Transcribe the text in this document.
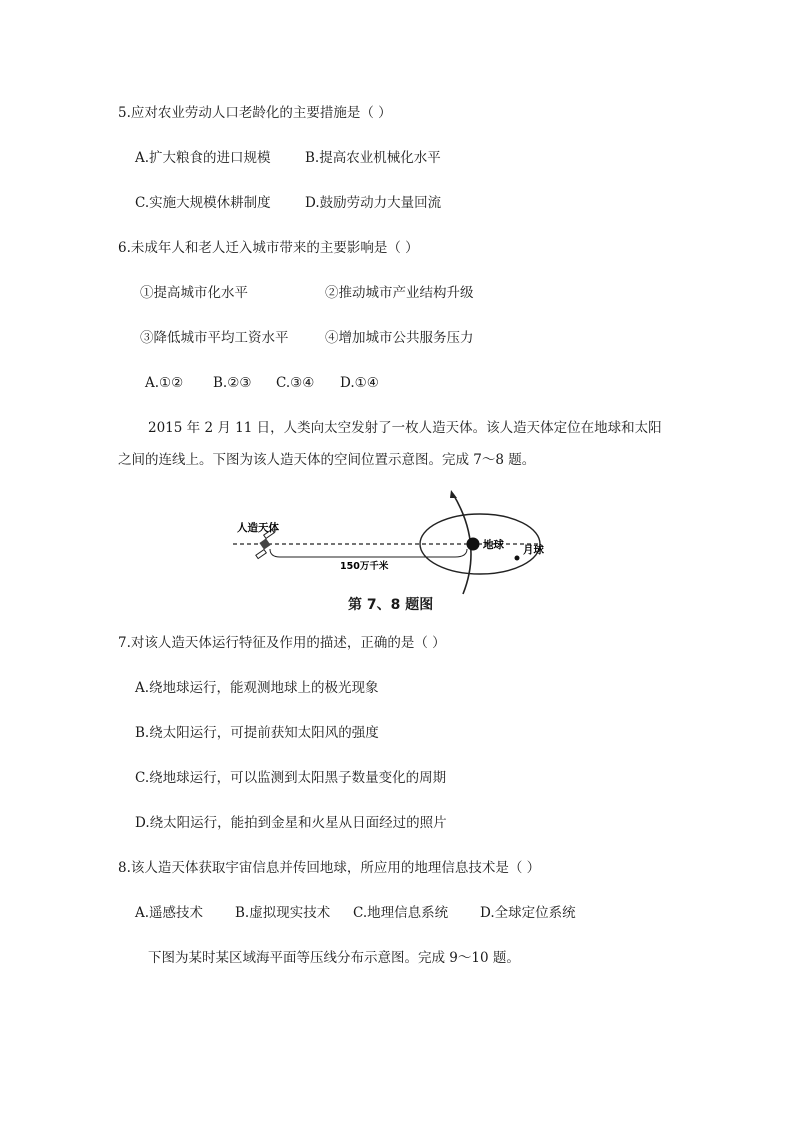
5.应对农业劳动人口老龄化的主要措施是（ ）
A.扩大粮食的进口规模	B.提高农业机械化水平
C.实施大规模休耕制度	D.鼓励劳动力大量回流
6.未成年人和老人迁入城市带来的主要影响是（ ）
①提高城市化水平	②推动城市产业结构升级
③降低城市平均工资水平	④增加城市公共服务压力
A.①② B.②③ C.③④ D.①④
2015 年 2 月 11 日，人类向太空发射了一枚人造天体。该人造天体定位在地球和太阳
之间的连线上。下图为该人造天体的空间位置示意图。完成 7～8 题。
人造天体
地球 月球
150万千米
第 7、8 题图
7.对该人造天体运行特征及作用的描述，正确的是（ ）
A.绕地球运行，能观测地球上的极光现象
B.绕太阳运行，可提前获知太阳风的强度
C.绕地球运行，可以监测到太阳黑子数量变化的周期
D.绕太阳运行，能拍到金星和火星从日面经过的照片
8.该人造天体获取宇宙信息并传回地球，所应用的地理信息技术是（ ）
A.遥感技术 B.虚拟现实技术 C.地理信息系统 D.全球定位系统
下图为某时某区域海平面等压线分布示意图。完成 9～10 题。
